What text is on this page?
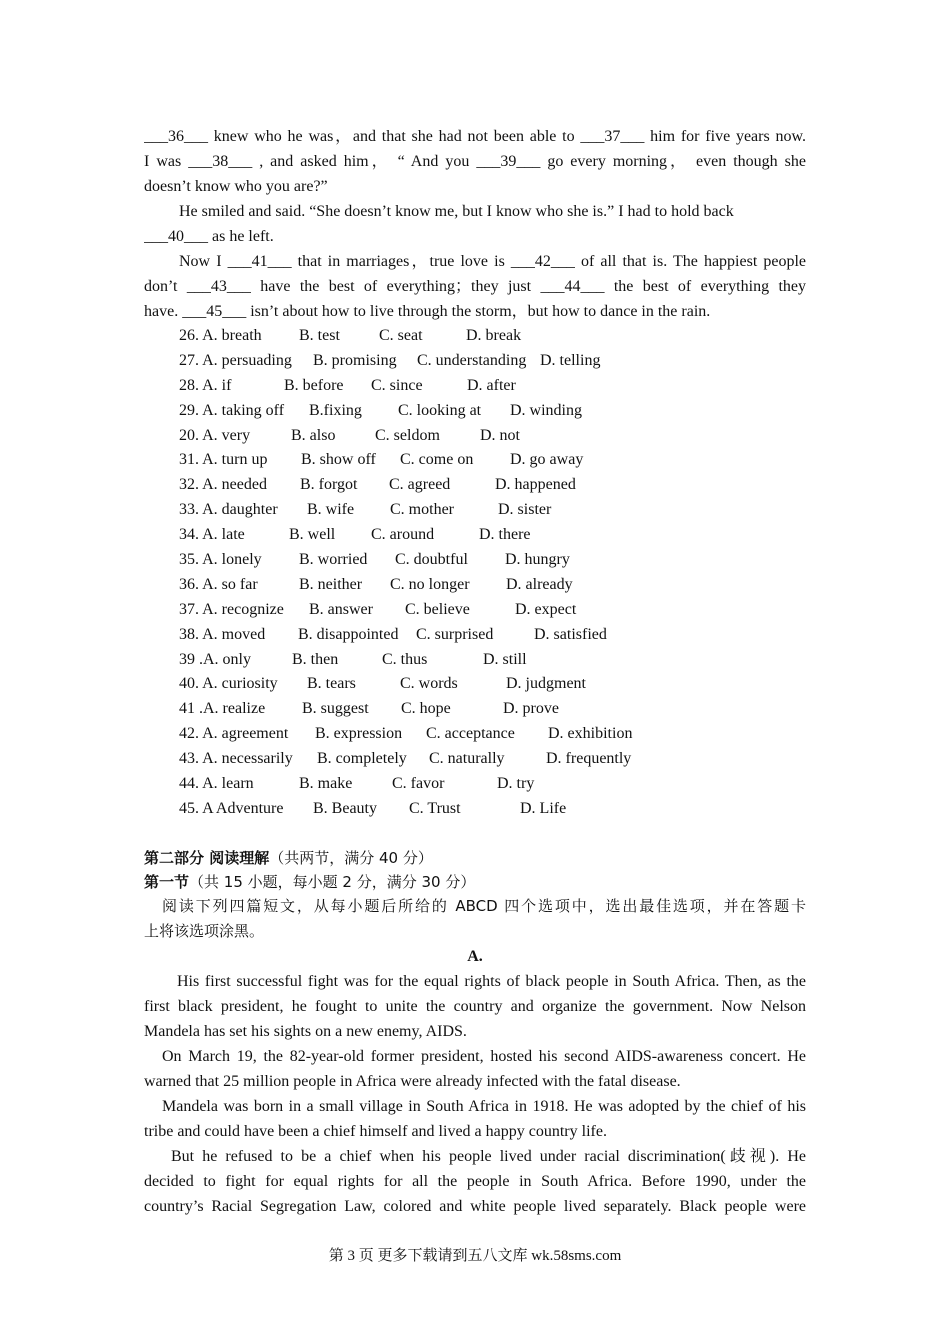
___36___ knew who he was，and that she had not been able to ___37___ him for five years now.
I was ___38___ , and asked him， “ And you ___39___ go every morning， even though she
doesn’t know who you are?”
He smiled and said. “She doesn’t know me, but I know who she is.” I had to hold back
___40___ as he left.
Now I ___41___ that in marriages，true love is ___42___ of all that is. The happiest people
don’t ___43___ have the best of everything；they just ___44___ the best of everything they
have. ___45___ isn’t about how to live through the storm，but how to dance in the rain.
26. A. breath B. test C. seat	D. break
27. A. persuading B. promising C. understanding D. telling
28. A. if	B. before C. since	D. after
29. A. taking off B.fixing C. looking at D. winding
20. A. very	B. also C. seldom	D. not
31. A. turn up B. show off C. come on D. go away
32. A. needed B. forgot C. agreed	D. happened
33. A. daughter B. wife C. mother	D. sister
34. A. late	B. well C. around	D. there
35. A. lonely B. worried C. doubtful D. hungry
36. A. so far	B. neither C. no longer D. already
37. A. recognize B. answer C. believe	D. expect
38. A. moved B. disappointed C. surprised	D. satisfied
39 .A. only	B. then	C. thus	D. still
40. A. curiosity B. tears	C. words	D. judgment
41 .A. realize B. suggest C. hope	D. prove
42. A. agreement B. expression C. acceptance D. exhibition
43. A. necessarily B. completely C. naturally	D. frequently
44. A. learn	B. make C. favor	D. try
45. A Adventure B. Beauty C. Trust	D. Life
第二部分 阅读理解（共两节，满分 40 分）
第一节（共 15 小题，每小题 2 分，满分 30 分）
阅读下列四篇短文，从每小题后所给的 ABCD 四个选项中，选出最佳选项，并在答题卡
上将该选项涂黑。
A.
His first successful fight was for the equal rights of black people in South Africa. Then, as the
first black president, he fought to unite the country and organize the government. Now Nelson
Mandela has set his sights on a new enemy, AIDS.
On March 19, the 82-year-old former president, hosted his second AIDS-awareness concert. He
warned that 25 million people in Africa were already infected with the fatal disease.
Mandela was born in a small village in South Africa in 1918. He was adopted by the chief of his
tribe and could have been a chief himself and lived a happy country life.
But he refused to be a chief when his people lived under racial discrimination(歧视). He
decided to fight for equal rights for all the people in South Africa. Before 1990, under the
country’s Racial Segregation Law, colored and white people lived separately. Black people were
第 3 页 更多下载请到五八文库 wk.58sms.com
